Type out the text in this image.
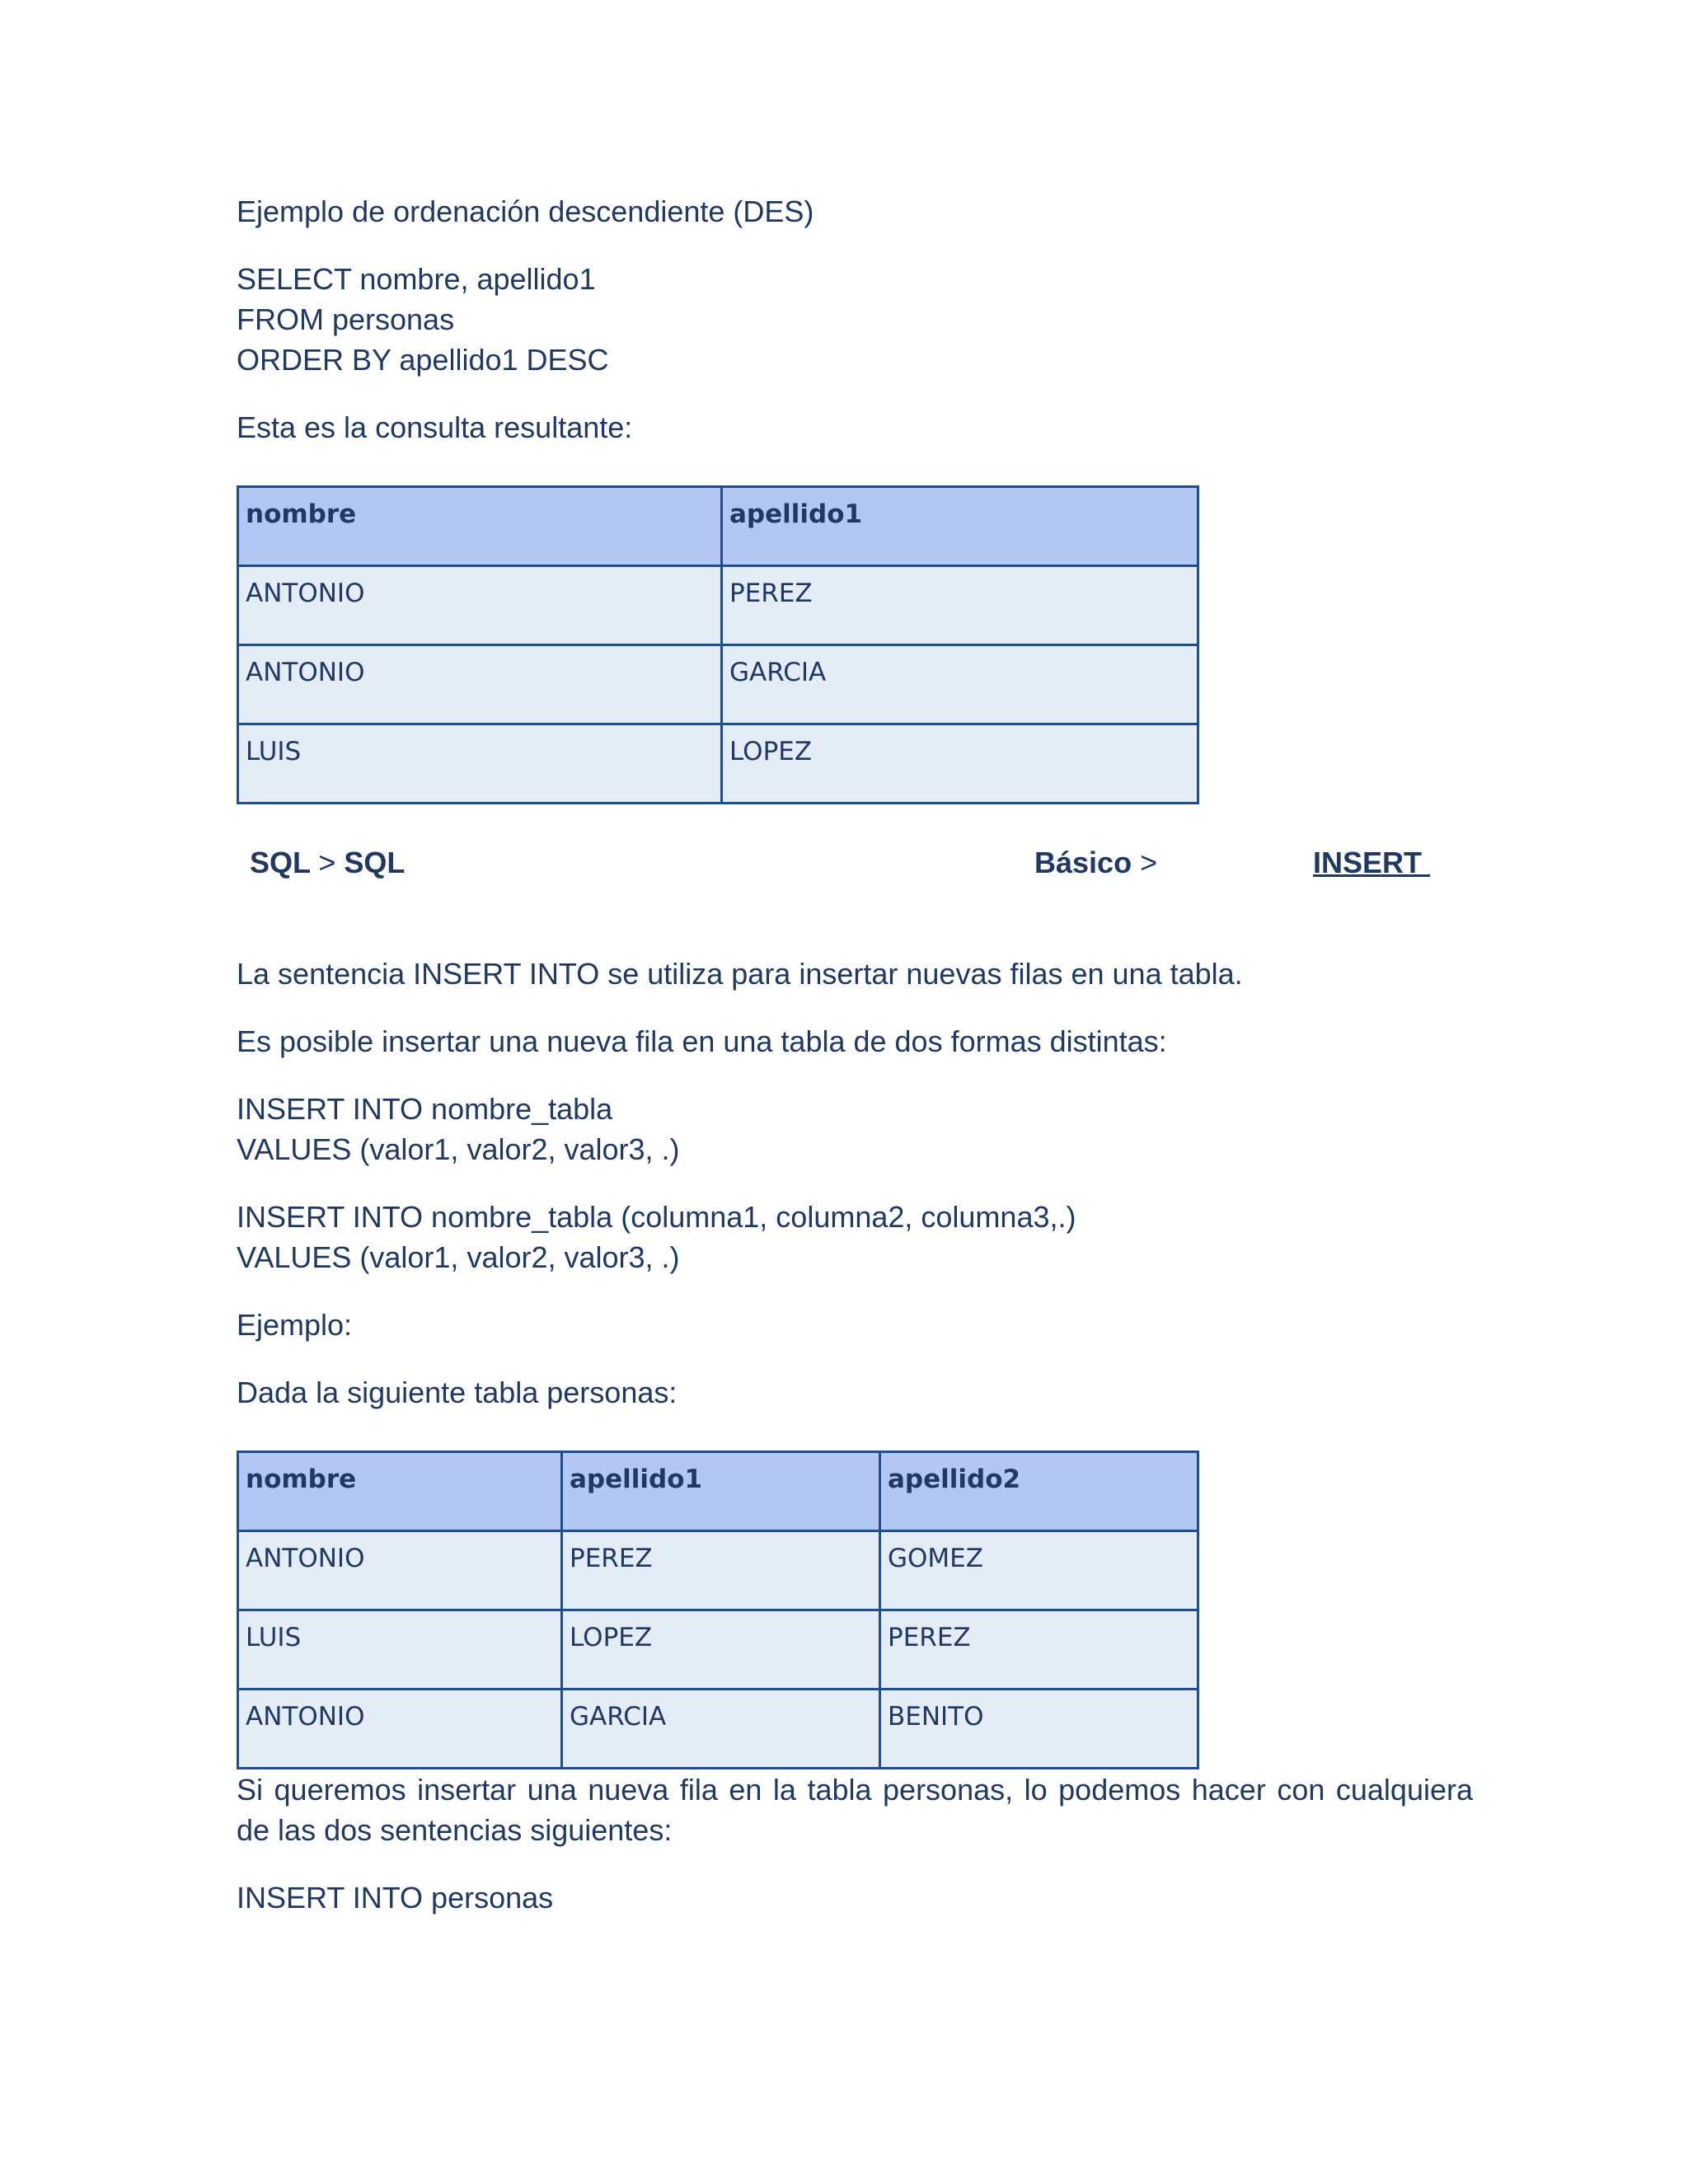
Ejemplo de ordenación descendiente (DES)

SELECT nombre, apellido1

FROM personas

ORDER BY apellido1 DESC

Esta es la consulta resultante:

nombre	apellido1
ANTONIO	PEREZ
ANTONIO	GARCIA
LUIS	LOPEZ
SQL > SQL	Básico >	INSERT

La sentencia INSERT INTO se utiliza para insertar nuevas filas en una tabla.

Es posible insertar una nueva fila en una tabla de dos formas distintas:

INSERT INTO nombre_tabla

VALUES (valor1, valor2, valor3, .)

INSERT INTO nombre_tabla (columna1, columna2, columna3,.)

VALUES (valor1, valor2, valor3, .)

Ejemplo:

Dada la siguiente tabla personas:

nombre	apellido1	apellido2
ANTONIO	PEREZ	GOMEZ
LUIS	LOPEZ	PEREZ
ANTONIO	GARCIA	BENITO

Si queremos insertar una nueva fila en la tabla personas, lo podemos hacer con cualquiera de las dos sentencias siguientes:

INSERT INTO personas
